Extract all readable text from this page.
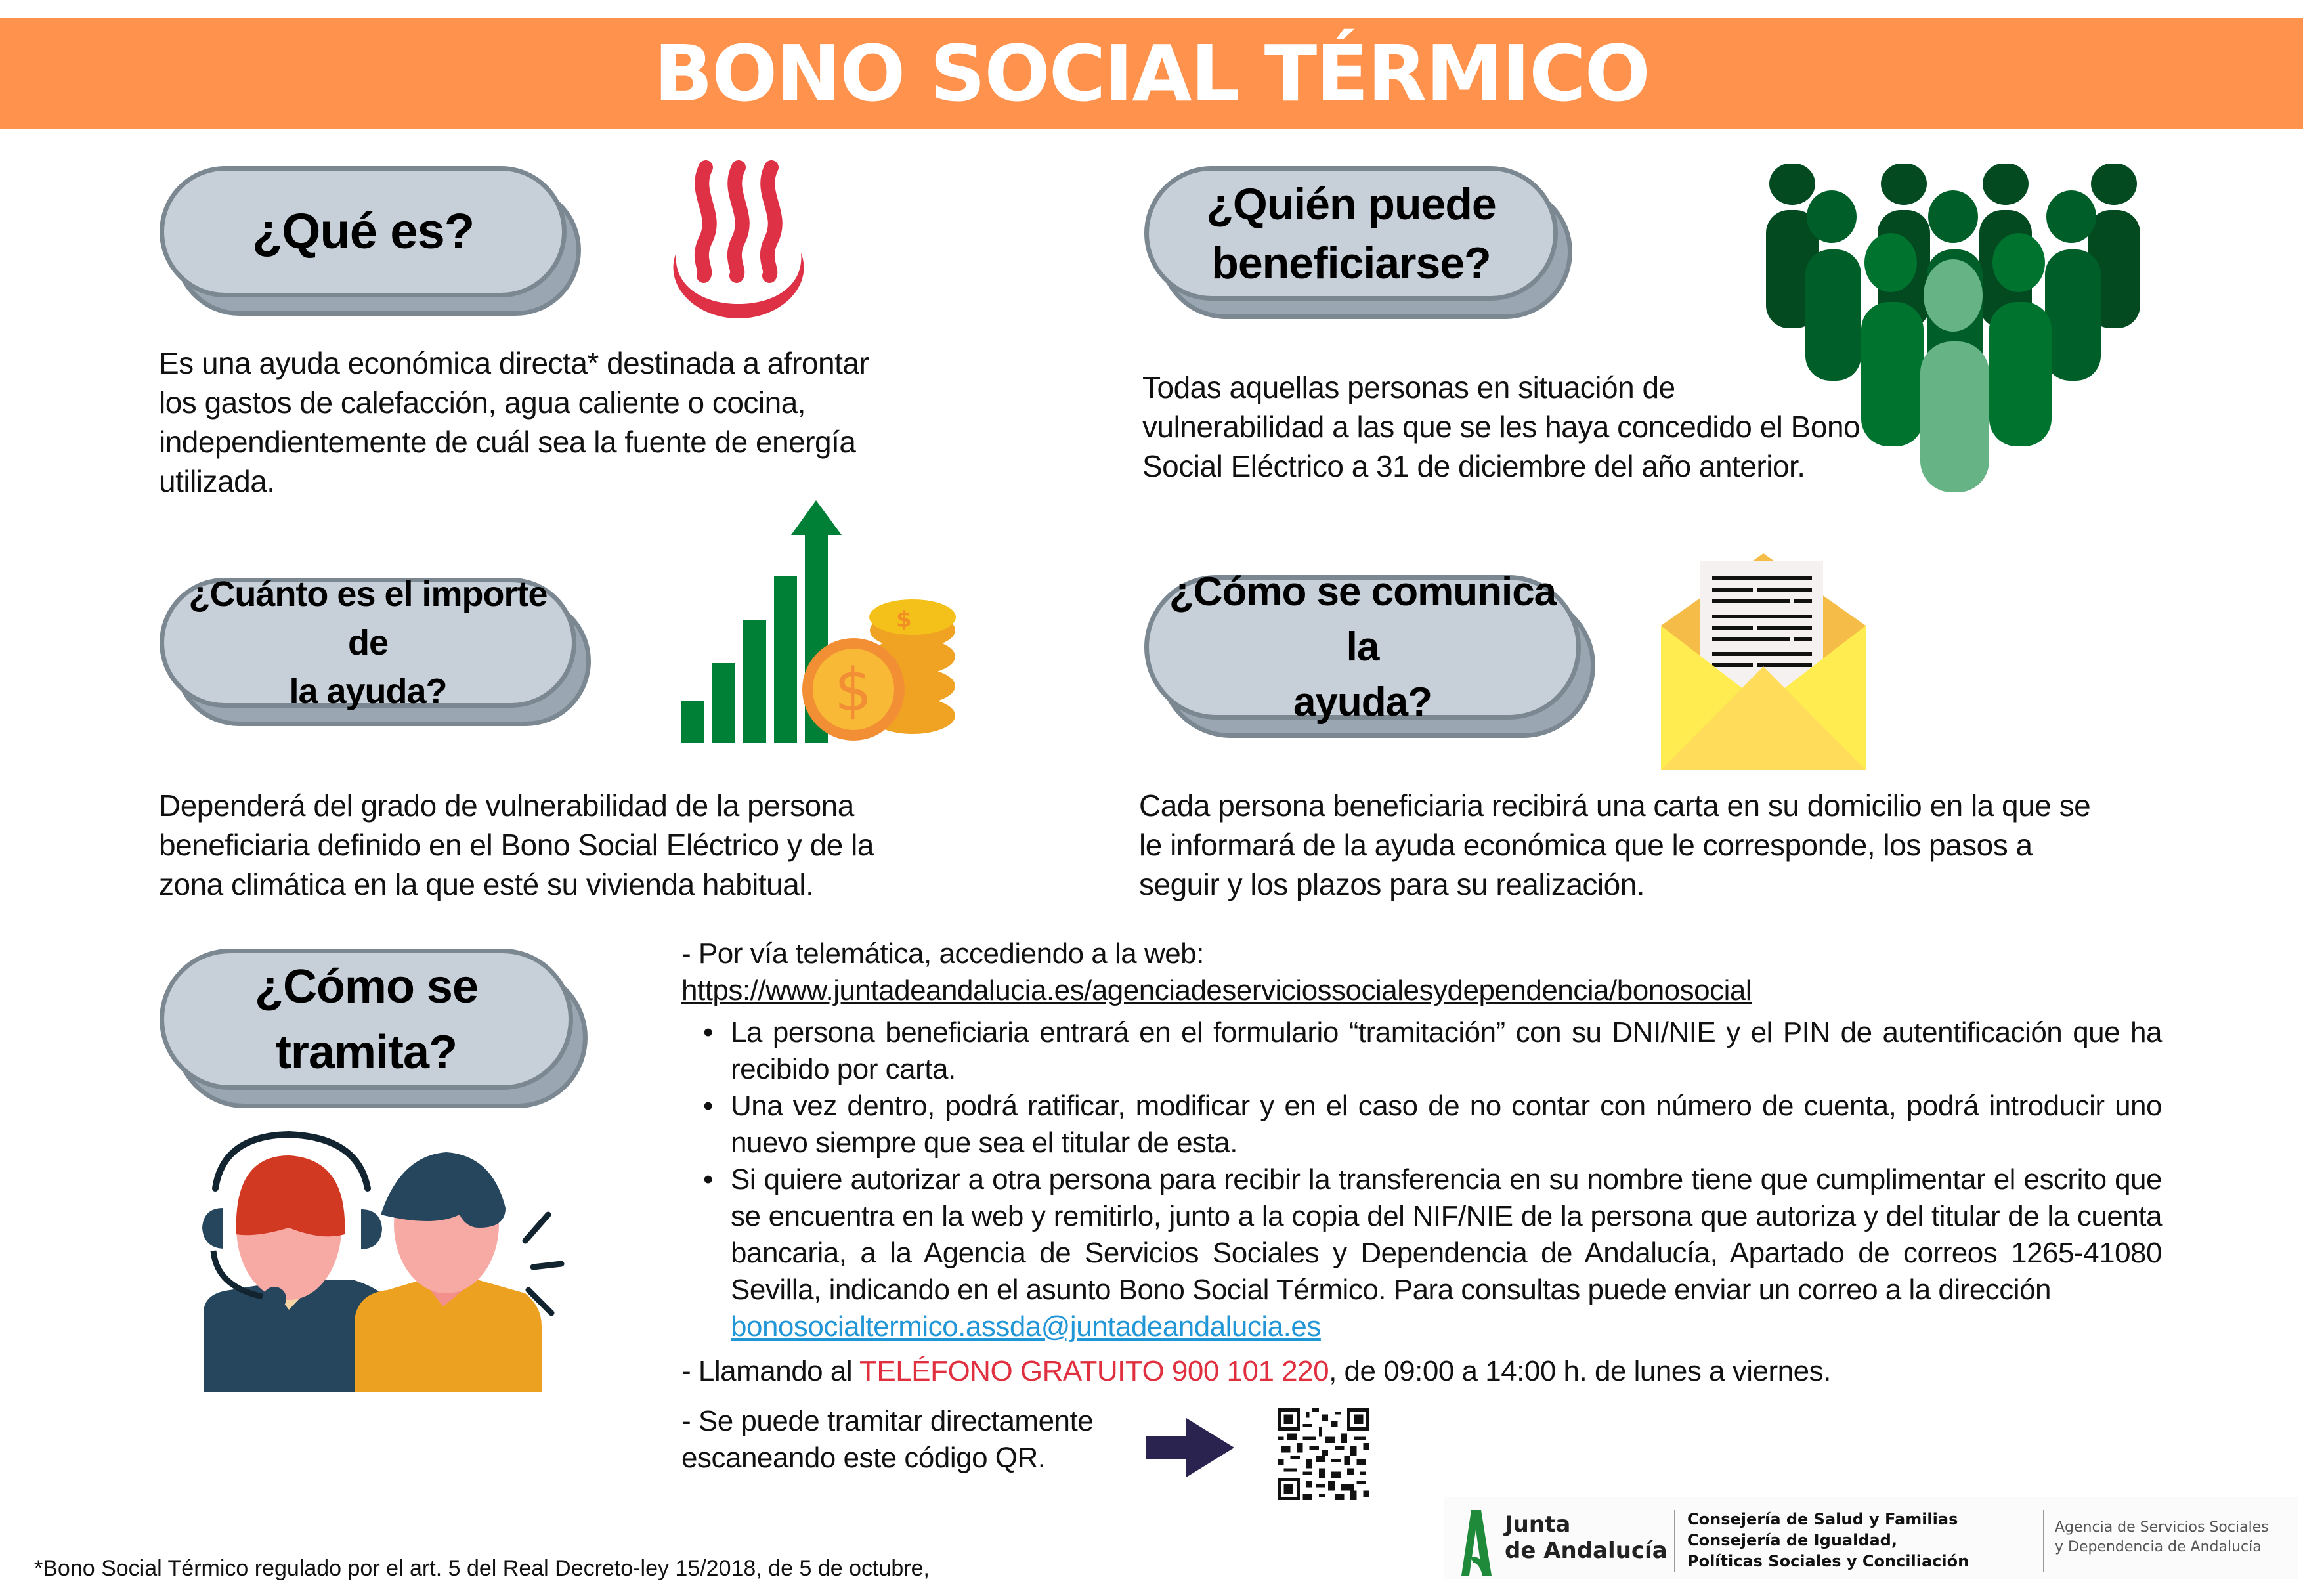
BONO SOCIAL TÉRMICO
¿Qué es?

Es una ayuda económica directa* destinada a afrontar los gastos de calefacción, agua caliente o cocina, independientemente de cuál sea la fuente de energía utilizada.

¿Quién puede
beneficiarse?

Todas aquellas personas en situación de vulnerabilidad a las que se les haya concedido el Bono Social Eléctrico a 31 de diciembre del año anterior.

¿Cuánto es el importe de
la ayuda?
$
$

Dependerá del grado de vulnerabilidad de la persona beneficiaria definido en el Bono Social Eléctrico y de la zona climática en la que esté su vivienda habitual.

¿Cómo se comunica la
ayuda?

Cada persona beneficiaria recibirá una carta en su domicilio en la que se le informará de la ayuda económica que le corresponde, los pasos a seguir y los plazos para su realización.

¿Cómo se
tramita?

- Por vía telemática, accediendo a la web:

https://www.juntadeandalucia.es/agenciadeserviciossocialesydependencia/bonosocial

• La persona beneficiaria entrará en el formulario “tramitación” con su DNI/NIE y el PIN de autentificación que ha recibido por carta.
• Una vez dentro, podrá ratificar, modificar y en el caso de no contar con número de cuenta, podrá introducir uno nuevo siempre que sea el titular de esta.
• Si quiere autorizar a otra persona para recibir la transferencia en su nombre tiene que cumplimentar el escrito que se encuentra en la web y remitirlo, junto a la copia del NIF/NIE de la persona que autoriza y del titular de la cuenta bancaria, a la Agencia de Servicios Sociales y Dependencia de Andalucía, Apartado de correos 1265-41080 Sevilla, indicando en el asunto Bono Social Térmico. Para consultas puede enviar un correo a la dirección
bonosocialtermico.assda@juntadeandalucia.es

- Llamando al TELÉFONO GRATUITO 900 101 220, de 09:00 a 14:00 h. de lunes a viernes.

- Se puede tramitar directamente
escaneando este código QR.

*Bono Social Térmico regulado por el art. 5 del Real Decreto-ley 15/2018, de 5 de octubre,
Junta
de Andalucía
Consejería de Salud y Familias
Consejería de Igualdad,
Políticas Sociales y Conciliación
Agencia de Servicios Sociales
y Dependencia de Andalucía
